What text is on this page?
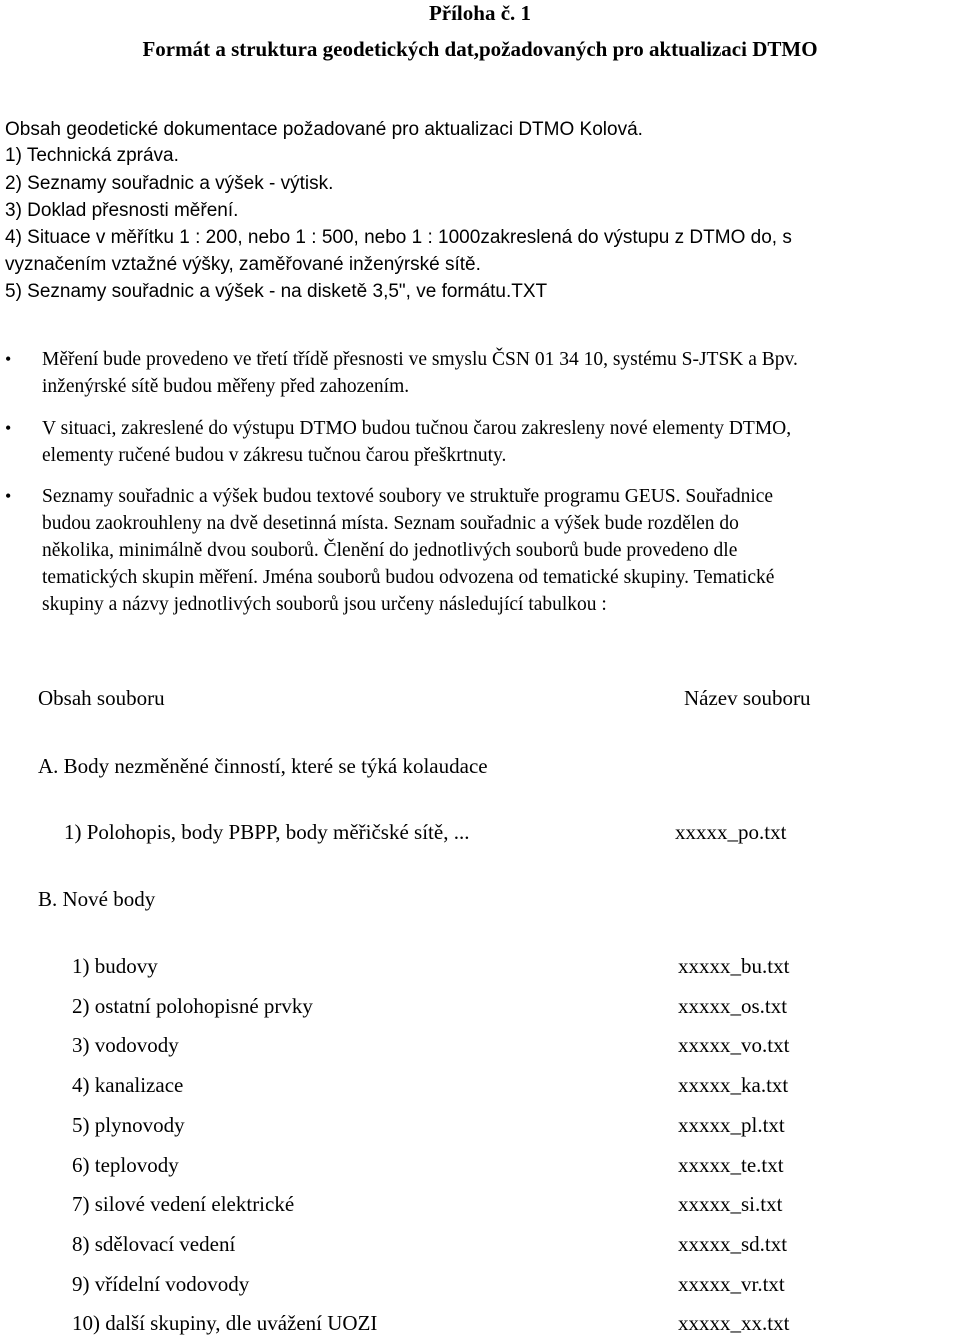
Příloha č. 1
Formát a struktura geodetických dat,požadovaných pro aktualizaci DTMO
Obsah geodetické dokumentace požadované pro aktualizaci DTMO Kolová.
1) Technická zpráva.
2) Seznamy souřadnic a výšek - výtisk.
3) Doklad přesnosti měření.
4) Situace v měřítku 1 : 200, nebo 1 : 500, nebo 1 : 1000zakreslená do výstupu z DTMO do, s
vyznačením vztažné výšky, zaměřované inženýrské sítě.
5) Seznamy souřadnic a výšek - na disketě 3,5", ve formátu.TXT
• Měření bude provedeno ve třetí třídě přesnosti ve smyslu ČSN 01 34 10, systému S-JTSK a Bpv.
inženýrské sítě budou měřeny před zahozením.
• V situaci, zakreslené do výstupu DTMO budou tučnou čarou zakresleny nové elementy DTMO,
elementy ručené budou v zákresu tučnou čarou přeškrtnuty.
• Seznamy souřadnic a výšek budou textové soubory ve struktuře programu GEUS. Souřadnice
budou zaokrouhleny na dvě desetinná místa. Seznam souřadnic a výšek bude rozdělen do
několika, minimálně dvou souborů. Členění do jednotlivých souborů bude provedeno dle
tematických skupin měření. Jména souborů budou odvozena od tematické skupiny. Tematické
skupiny a názvy jednotlivých souborů jsou určeny následující tabulkou :
Obsah souboru	Název souboru
A. Body nezměněné činností, které se týká kolaudace
1) Polohopis, body PBPP, body měřičské sítě, ...	xxxxx_po.txt
B. Nové body
1) budovy	xxxxx_bu.txt
2) ostatní polohopisné prvky	xxxxx_os.txt
3) vodovody	xxxxx_vo.txt
4) kanalizace	xxxxx_ka.txt
5) plynovody	xxxxx_pl.txt
6) teplovody	xxxxx_te.txt
7) silové vedení elektrické	xxxxx_si.txt
8) sdělovací vedení	xxxxx_sd.txt
9) vřídelní vodovody	xxxxx_vr.txt
10) další skupiny, dle uvážení UOZI	xxxxx_xx.txt
